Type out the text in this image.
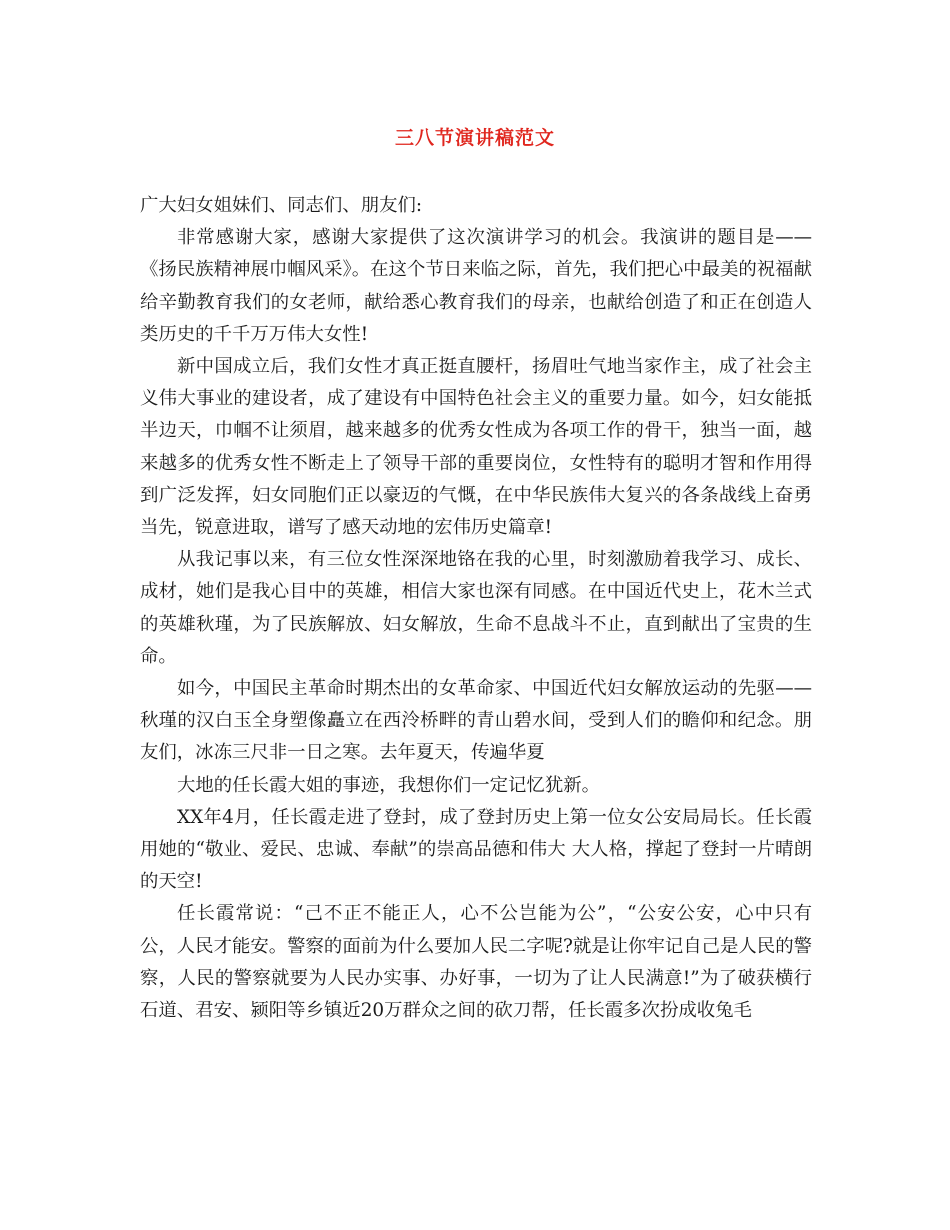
三八节演讲稿范文

广大妇女姐妹们、同志们、朋友们:

非常感谢大家，感谢大家提供了这次演讲学习的机会。我演讲的题目是——《扬民族精神展巾帼风采》。在这个节日来临之际，首先，我们把心中最美的祝福献给辛勤教育我们的女老师，献给悉心教育我们的母亲，也献给创造了和正在创造人类历史的千千万万伟大女性!

新中国成立后，我们女性才真正挺直腰杆，扬眉吐气地当家作主，成了社会主义伟大事业的建设者，成了建设有中国特色社会主义的重要力量。如今，妇女能抵半边天，巾帼不让须眉，越来越多的优秀女性成为各项工作的骨干，独当一面，越来越多的优秀女性不断走上了领导干部的重要岗位，女性特有的聪明才智和作用得到广泛发挥，妇女同胞们正以豪迈的气慨，在中华民族伟大复兴的各条战线上奋勇当先，锐意进取，谱写了感天动地的宏伟历史篇章!

从我记事以来，有三位女性深深地铬在我的心里，时刻激励着我学习、成长、成材，她们是我心目中的英雄，相信大家也深有同感。在中国近代史上，花木兰式的英雄秋瑾，为了民族解放、妇女解放，生命不息战斗不止，直到献出了宝贵的生命。

如今，中国民主革命时期杰出的女革命家、中国近代妇女解放运动的先驱——秋瑾的汉白玉全身塑像矗立在西泠桥畔的青山碧水间，受到人们的瞻仰和纪念。朋友们，冰冻三尺非一日之寒。去年夏天，传遍华夏

大地的任长霞大姐的事迹，我想你们一定记忆犹新。

XX年4月，任长霞走进了登封，成了登封历史上第一位女公安局局长。任长霞用她的“敬业、爱民、忠诚、奉献”的崇高品德和伟大 大人格，撑起了登封一片晴朗的天空!

任长霞常说：“己不正不能正人，心不公岂能为公”，“公安公安，心中只有公，人民才能安。警察的面前为什么要加人民二字呢?就是让你牢记自己是人民的警察，人民的警察就要为人民办实事、办好事，一切为了让人民满意!”为了破获横行石道、君安、颍阳等乡镇近20万群众之间的砍刀帮，任长霞多次扮成收兔毛
